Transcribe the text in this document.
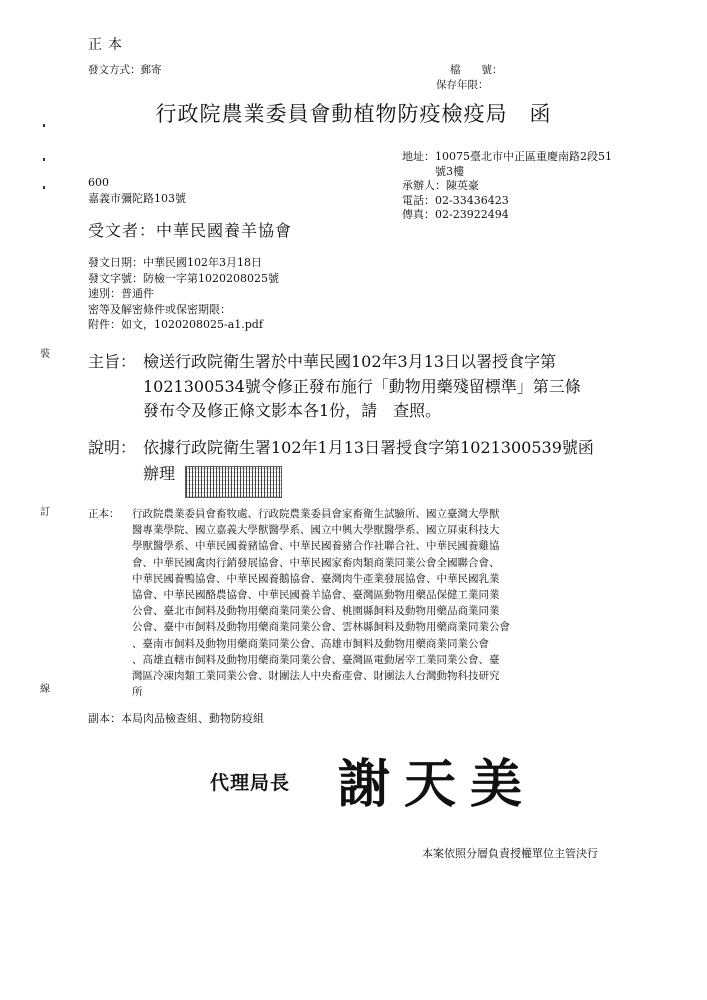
裝
訂
線
正本
發文方式：郵寄	檔　　號：
保存年限：
行政院農業委員會動植物防疫檢疫局 函
地址：10075臺北市中正區重慶南路2段51
　　　號3樓
承辦人：陳英豪
電話：02-33436423
傳真：02-23922494
600
嘉義市彌陀路103號
受文者：中華民國養羊協會
發文日期：中華民國102年3月18日
發文字號：防檢一字第1020208025號
速別：普通件
密等及解密條件或保密期限：
附件：如文，1020208025-a1.pdf
主旨： 檢送行政院衛生署於中華民國102年3月13日以署授食字第
1021300534號令修正發布施行「動物用藥殘留標準」第三條
發布令及修正條文影本各1份，請　查照。
說明： 依據行政院衛生署102年1月13日署授食字第1021300539號函
辦理
正本： 行政院農業委員會畜牧處、行政院農業委員會家畜衛生試驗所、國立臺灣大學獸
醫專業學院、國立嘉義大學獸醫學系、國立中興大學獸醫學系、國立屏東科技大
學獸醫學系、中華民國養豬協會、中華民國養豬合作社聯合社、中華民國養雞協
會、中華民國禽肉行銷發展協會、中華民國家畜肉類商業同業公會全國聯合會、
中華民國養鴨協會、中華民國養鵝協會、臺灣肉牛產業發展協會、中華民國乳業
協會、中華民國酪農協會、中華民國養羊協會、臺灣區動物用藥品保健工業同業
公會、臺北市飼料及動物用藥商業同業公會、桃園縣飼料及動物用藥品商業同業
公會、臺中市飼料及動物用藥商業同業公會、雲林縣飼料及動物用藥商業同業公會
、臺南市飼料及動物用藥商業同業公會、高雄市飼料及動物用藥商業同業公會
、高雄直轄市飼料及動物用藥商業同業公會、臺灣區電動屠宰工業同業公會、臺
灣區冷凍肉類工業同業公會、財團法人中央畜產會、財團法人台灣動物科技研究
所
副本：本局肉品檢查組、動物防疫組
代理局長 謝天美
本案依照分層負責授權單位主管決行
